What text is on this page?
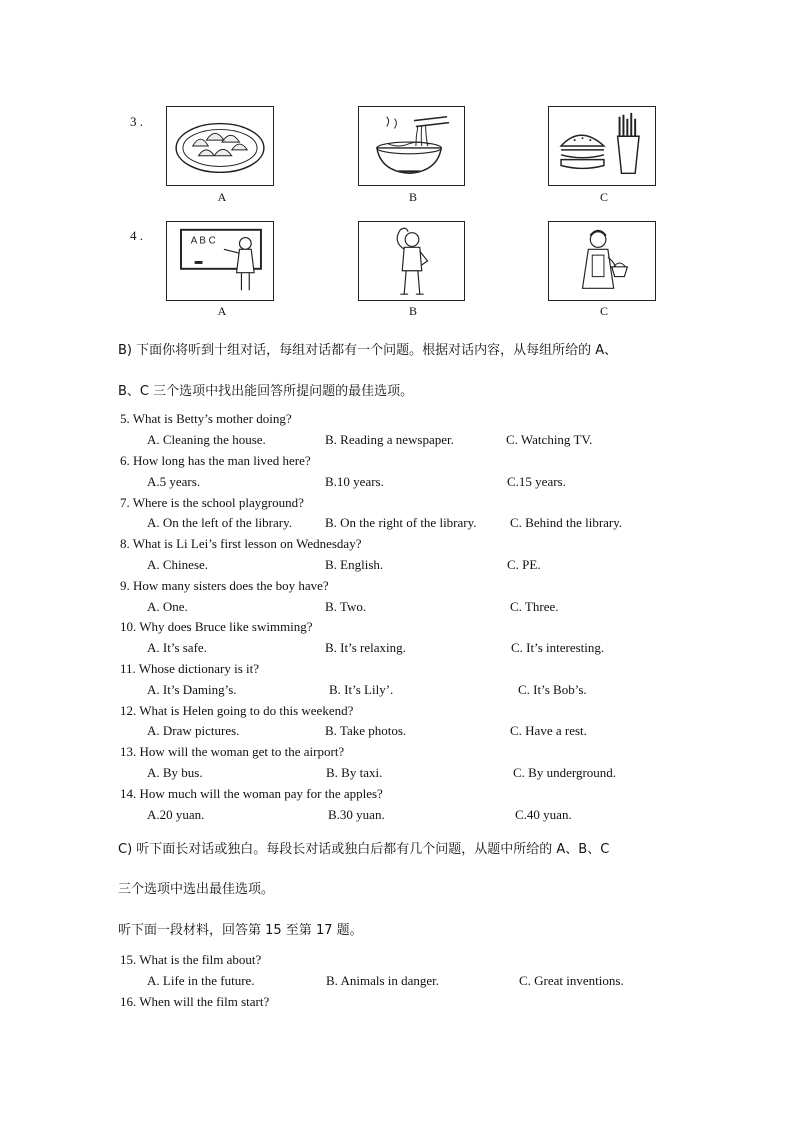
3 .
A	B	C
4 .	A B C
A	B	C
B) 下面你将听到十组对话，每组对话都有一个问题。根据对话内容，从每组所给的 A、
B、C 三个选项中找出能回答所提问题的最佳选项。
5. What is Betty’s mother doing?
A. Cleaning the house.	B. Reading a newspaper.	C. Watching TV.
6. How long has the man lived here?
A.5 years.	B.10 years.	C.15 years.
7. Where is the school playground?
A. On the left of the library.	B. On the right of the library.	C. Behind the library.
8. What is Li Lei’s first lesson on Wednesday?
A. Chinese.	B. English.	C. PE.
9. How many sisters does the boy have?
A. One.	B. Two.	C. Three.
10. Why does Bruce like swimming?
A. It’s safe.	B. It’s relaxing.	C. It’s interesting.
11. Whose dictionary is it?
A. It’s Daming’s.	B. It’s Lily’.	C. It’s Bob’s.
12. What is Helen going to do this weekend?
A. Draw pictures.	B. Take photos.	C. Have a rest.
13. How will the woman get to the airport?
A. By bus.	B. By taxi.	C. By underground.
14. How much will the woman pay for the apples?
A.20 yuan.	B.30 yuan.	C.40 yuan.
C) 听下面长对话或独白。每段长对话或独白后都有几个问题，从题中所给的 A、B、C
三个选项中选出最佳选项。
听下面一段材料，回答第 15 至第 17 题。
15. What is the film about?
A. Life in the future.	B. Animals in danger.	C. Great inventions.
16. When will the film start?
